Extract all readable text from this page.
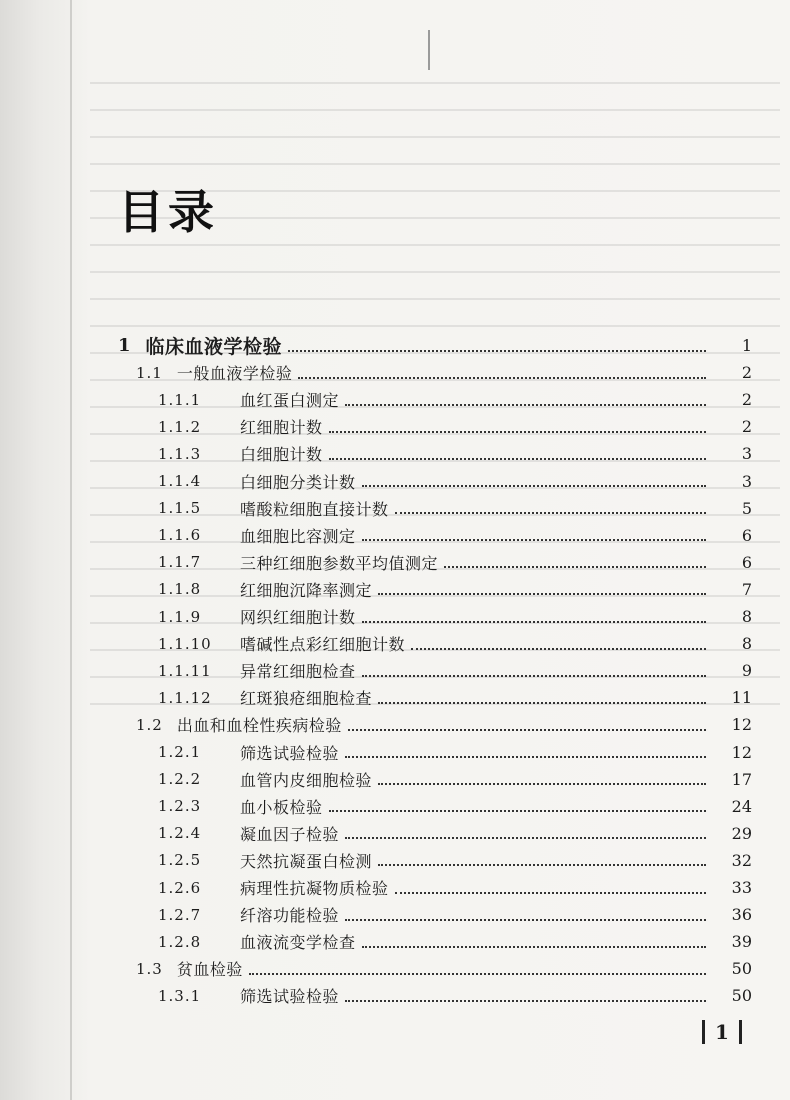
目录
1 临床血液学检验	1
1.1 一般血液学检验	2
1.1.1	血红蛋白测定	2
1.1.2	红细胞计数	2
1.1.3	白细胞计数	3
1.1.4	白细胞分类计数	3
1.1.5	嗜酸粒细胞直接计数	5
1.1.6	血细胞比容测定	6
1.1.7	三种红细胞参数平均值测定	6
1.1.8	红细胞沉降率测定	7
1.1.9	网织红细胞计数	8
1.1.10	嗜碱性点彩红细胞计数	8
1.1.11	异常红细胞检查	9
1.1.12	红斑狼疮细胞检查	11
1.2 出血和血栓性疾病检验	12
1.2.1	筛选试验检验	12
1.2.2	血管内皮细胞检验	17
1.2.3	血小板检验	24
1.2.4	凝血因子检验	29
1.2.5	天然抗凝蛋白检测	32
1.2.6	病理性抗凝物质检验	33
1.2.7	纤溶功能检验	36
1.2.8	血液流变学检查	39
1.3 贫血检验	50
1.3.1	筛选试验检验	50
1
